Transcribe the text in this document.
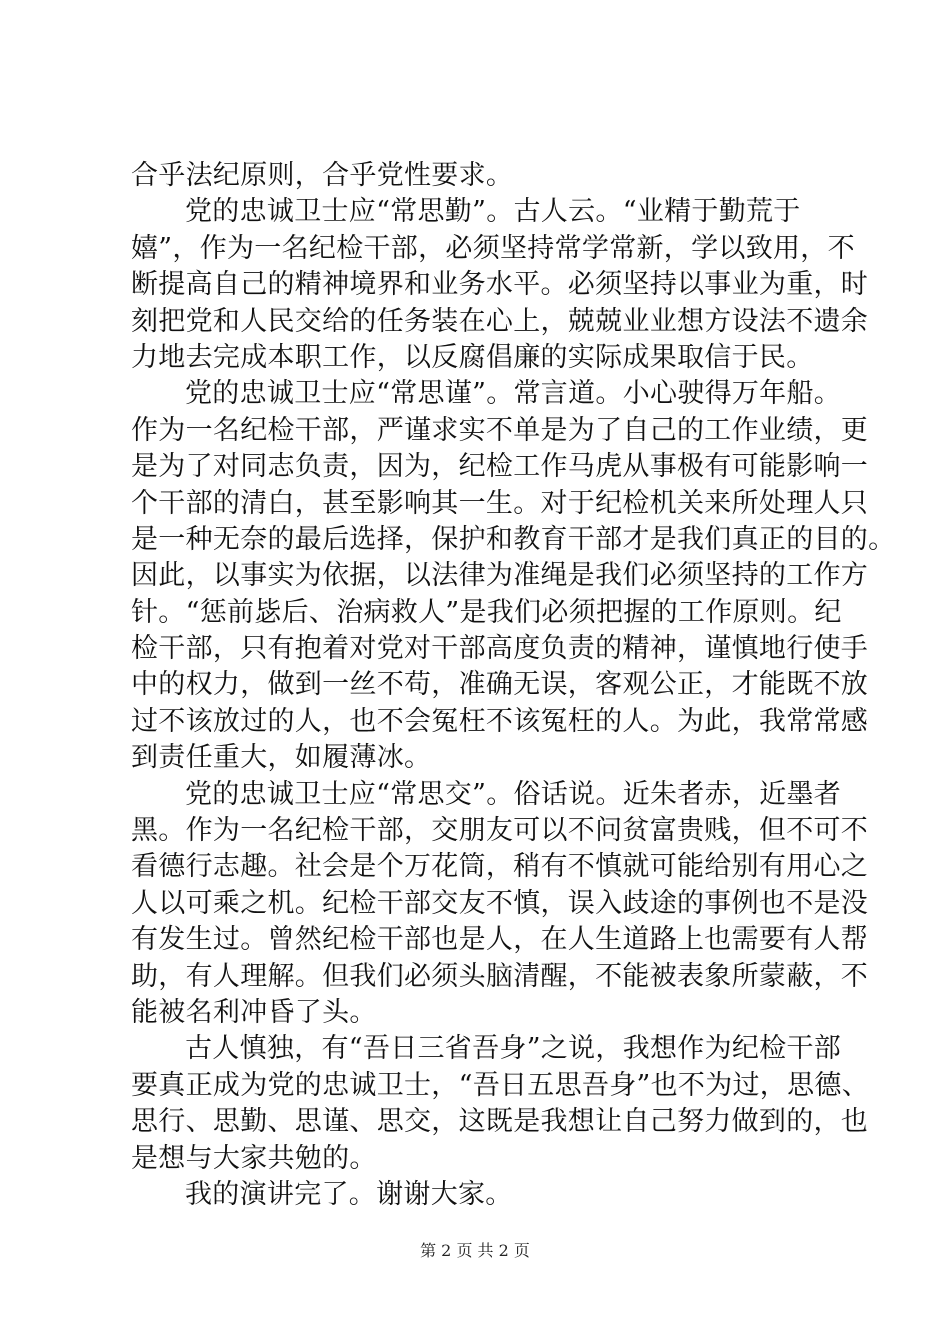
合乎法纪原则，合乎党性要求。
党的忠诚卫士应“常思勤”。古人云。“业精于勤荒于
嬉”，作为一名纪检干部，必须坚持常学常新，学以致用，不
断提高自己的精神境界和业务水平。必须坚持以事业为重，时
刻把党和人民交给的任务装在心上，兢兢业业想方设法不遗余
力地去完成本职工作，以反腐倡廉的实际成果取信于民。
党的忠诚卫士应“常思谨”。常言道。小心驶得万年船。
作为一名纪检干部，严谨求实不单是为了自己的工作业绩，更
是为了对同志负责，因为，纪检工作马虎从事极有可能影响一
个干部的清白，甚至影响其一生。对于纪检机关来所处理人只
是一种无奈的最后选择，保护和教育干部才是我们真正的目的。
因此，以事实为依据，以法律为准绳是我们必须坚持的工作方
针。“惩前毖后、治病救人”是我们必须把握的工作原则。纪
检干部，只有抱着对党对干部高度负责的精神，谨慎地行使手
中的权力，做到一丝不苟，准确无误，客观公正，才能既不放
过不该放过的人，也不会冤枉不该冤枉的人。为此，我常常感
到责任重大，如履薄冰。
党的忠诚卫士应“常思交”。俗话说。近朱者赤，近墨者
黑。作为一名纪检干部，交朋友可以不问贫富贵贱，但不可不
看德行志趣。社会是个万花筒，稍有不慎就可能给别有用心之
人以可乘之机。纪检干部交友不慎，误入歧途的事例也不是没
有发生过。曾然纪检干部也是人，在人生道路上也需要有人帮
助，有人理解。但我们必须头脑清醒，不能被表象所蒙蔽，不
能被名利冲昏了头。
古人慎独，有“吾日三省吾身”之说，我想作为纪检干部
要真正成为党的忠诚卫士，“吾日五思吾身”也不为过，思德、
思行、思勤、思谨、思交，这既是我想让自己努力做到的，也
是想与大家共勉的。
我的演讲完了。谢谢大家。
第 2 页 共 2 页
